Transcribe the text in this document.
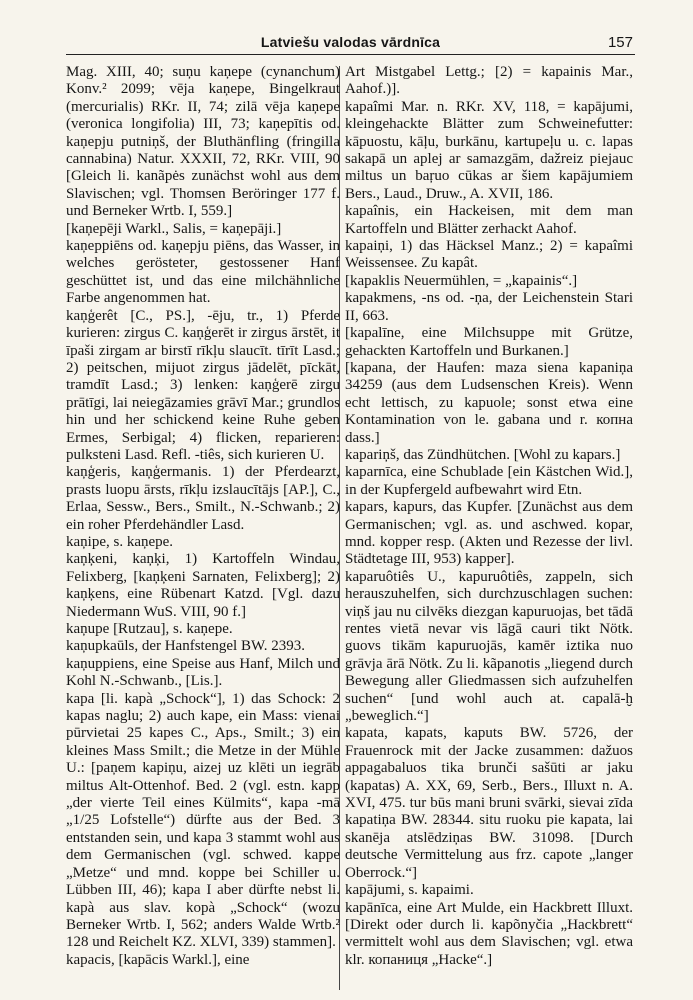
Latviešu valodas vārdnīca	157

Mag. XIII, 40; suņu kaņepe (cynanchum) Konv.² 2099; vēja kaņepe, Bingelkraut (mercurialis) RKr. II, 74; zilā vēja kaņepe (veronica longifolia) III, 73; kaņepītis od. kaņepju putniņš, der Bluthänfling (fringilla cannabina) Natur. XXXII, 72, RKr. VIII, 90 [Gleich li. kanãpės zunächst wohl aus dem Slavischen; vgl. Thomsen Beröringer 177 f. und Berneker Wrtb. I, 559.]

[kaņepēji Warkl., Salis, = kaņepāji.]

kaņeppiēns od. kaņepju piēns, das Wasser, in welches gerösteter, gestossener Hanf geschüttet ist, und das eine milchähnliche Farbe angenommen hat.

kaņģerêt [C., PS.], -ēju, tr., 1) Pferde kurieren: zirgus C. kaņģerēt ir zirgus ārstēt, it īpaši zirgam ar birstī rīkļu slaucīt. tīrīt Lasd.; 2) peitschen, mijuot zirgus jādelēt, pīckāt, tramdīt Lasd.; 3) lenken: kaņģerē zirgu prātīgi, lai neiegāzamies grāvī Mar.; grundlos hin und her schickend keine Ruhe geben Ermes, Serbigal; 4) flicken, reparieren: pulksteni Lasd. Refl. -tiês, sich kurieren U.

kaņģeris, kaņģermanis. 1) der Pferdearzt, prasts luopu ārsts, rīkļu izslaucītājs [AP.], C., Erlaa, Sessw., Bers., Smilt., N.-Schwanb.; 2) ein roher Pferdehändler Lasd.

kaņipe, s. kaņepe.

kaņķeni, kaņķi, 1) Kartoffeln Windau, Felixberg, [kaņķeni Sarnaten, Felixberg]; 2) kaņķens, eine Rübenart Katzd. [Vgl. dazu Niedermann WuS. VIII, 90 f.]

kaņupe [Rutzau], s. kaņepe.

kaņupkaūls, der Hanfstengel BW. 2393.

kaņuppiens, eine Speise aus Hanf, Milch und Kohl N.-Schwanb., [Lis.].

kapa [li. kapà „Schock“], 1) das Schock: 2 kapas naglu; 2) auch kape, ein Mass: vienai pūrvietai 25 kapes C., Aps., Smilt.; 3) ein kleines Mass Smilt.; die Metze in der Mühle U.: [paņem kapiņu, aizej uz klēti un iegrāb miltus Alt-Ottenhof. Bed. 2 (vgl. estn. kapp „der vierte Teil eines Külmits“, kapa -mā „1/25 Lofstelle“) dürfte aus der Bed. 3 entstanden sein, und kapa 3 stammt wohl aus dem Germanischen (vgl. schwed. kappe „Metze“ und mnd. koppe bei Schiller u. Lübben III, 46); kapa I aber dürfte nebst li. kapà aus slav. kopà „Schock“ (wozu Berneker Wrtb. I, 562; anders Walde Wrtb.² 128 und Reichelt KZ. XLVI, 339) stammen].

kapacis, [kapācis Warkl.], eine

Art Mistgabel Lettg.; [2) = kapainis Mar., Aahof.)].

kapaîmi Mar. n. RKr. XV, 118, = kapājumi, kleingehackte Blätter zum Schweinefutter: kāpuostu, kāļu, burkānu, kartupeļu u. c. lapas sakapā un aplej ar samazgām, dažreiz piejauc miltus un baŗuo cūkas ar šiem kapājumiem Bers., Laud., Druw., A. XVII, 186.

kapaînis, ein Hackeisen, mit dem man Kartoffeln und Blätter zerhackt Aahof.

kapaiņi, 1) das Häcksel Manz.; 2) = kapaîmi Weissensee. Zu kapât.

[kapaklis Neuermühlen, = „kapainis“.]

kapakmens, -ns od. -ņa, der Leichenstein Stari II, 663.

[kapalīne, eine Milchsuppe mit Grütze, gehackten Kartoffeln und Burkanen.]

[kapana, der Haufen: maza siena kapaniņa 34259 (aus dem Ludsenschen Kreis). Wenn echt lettisch, zu kapuole; sonst etwa eine Kontamination von le. gabana und r. копна dass.]

kapariņš, das Zündhütchen. [Wohl zu kapars.]

kaparnīca, eine Schublade [ein Kästchen Wid.], in der Kupfergeld aufbewahrt wird Etn.

kapars, kapurs, das Kupfer. [Zunächst aus dem Germanischen; vgl. as. und aschwed. kopar, mnd. kopper resp. (Akten und Rezesse der livl. Städtetage III, 953) kapper].

kaparuôtiês U., kapuruôtiês, zappeln, sich herauszuhelfen, sich durchzuschlagen suchen: viņš jau nu cilvēks diezgan kapuruojas, bet tādā rentes vietā nevar vis lāgā cauri tikt Nötk. guovs tikām kapuruojās, kamēr iztika nuo grāvja ārā Nötk. Zu li. kãpanotis „liegend durch Bewegung aller Gliedmassen sich aufzuhelfen suchen“ [und wohl auch at. capalā-ḫ „beweglich.“]

kapata, kapats, kaputs BW. 5726, der Frauenrock mit der Jacke zusammen: dažuos appagabaluos tika brunči sašūti ar jaku (kapatas) A. XX, 69, Serb., Bers., Illuxt n. A. XVI, 475. tur būs mani bruni svārki, sievai zīda kapatiņa BW. 28344. situ ruoku pie kapata, lai skanēja atslēdziņas BW. 31098. [Durch deutsche Vermittelung aus frz. capote „langer Oberrock.“]

kapājumi, s. kapaimi.

kapānīca, eine Art Mulde, ein Hackbrett Illuxt. [Direkt oder durch li. kapõnyčia „Hackbrett“ vermittelt wohl aus dem Slavischen; vgl. etwa klr. копаниця „Hacke“.]
